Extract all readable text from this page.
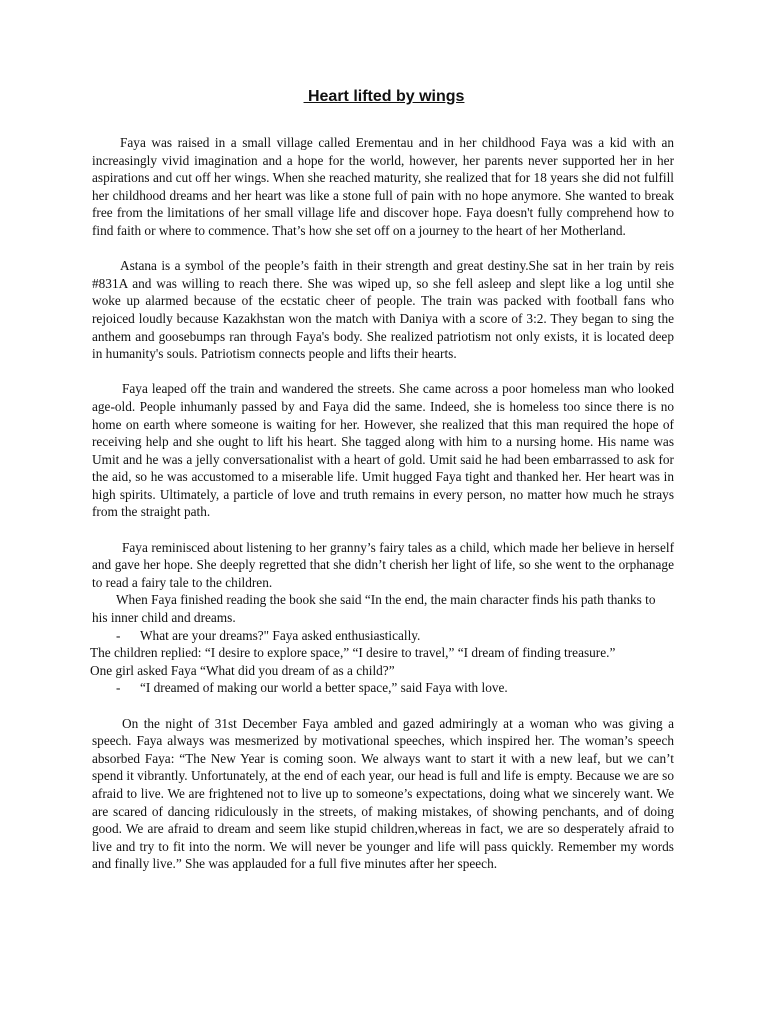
Heart lifted by wings

Faya was raised in a small village called Erementau and in her childhood Faya was a kid with an increasingly vivid imagination and a hope for the world, however, her parents never supported her in her aspirations and cut off her wings. When she reached maturity, she realized that for 18 years she did not fulfill her childhood dreams and her heart was like a stone full of pain with no hope anymore. She wanted to break free from the limitations of her small village life and discover hope. Faya doesn't fully comprehend how to find faith or where to commence. That’s how she set off on a journey to the heart of her Motherland.

Astana is a symbol of the people’s faith in their strength and great destiny.She sat in her train by reis #831A and was willing to reach there. She was wiped up, so she fell asleep and slept like a log until she woke up alarmed because of the ecstatic cheer of people. The train was packed with football fans who rejoiced loudly because Kazakhstan won the match with Daniya with a score of 3:2. They began to sing the anthem and goosebumps ran through Faya's body. She realized patriotism not only exists, it is located deep in humanity's souls. Patriotism connects people and lifts their hearts.

Faya leaped off the train and wandered the streets. She came across a poor homeless man who looked age-old. People inhumanly passed by and Faya did the same. Indeed, she is homeless too since there is no home on earth where someone is waiting for her. However, she realized that this man required the hope of receiving help and she ought to lift his heart. She tagged along with him to a nursing home. His name was Umit and he was a jelly conversationalist with a heart of gold. Umit said he had been embarrassed to ask for the aid, so he was accustomed to a miserable life. Umit hugged Faya tight and thanked her. Her heart was in high spirits. Ultimately, a particle of love and truth remains in every person, no matter how much he strays from the straight path.

Faya reminisced about listening to her granny’s fairy tales as a child, which made her believe in herself and gave her hope. She deeply regretted that she didn’t cherish her light of life, so she went to the orphanage to read a fairy tale to the children.

When Faya finished reading the book she said “In the end, the main character finds his path thanks to his inner child and dreams.

-	What are your dreams?" Faya asked enthusiastically.

The children replied: “I desire to explore space,” “I desire to travel,” “I dream of finding treasure.”

One girl asked Faya “What did you dream of as a child?”

-	“I dreamed of making our world a better space,” said Faya with love.

On the night of 31st December Faya ambled and gazed admiringly at a woman who was giving a speech. Faya always was mesmerized by motivational speeches, which inspired her. The woman’s speech absorbed Faya: “The New Year is coming soon. We always want to start it with a new leaf, but we can’t spend it vibrantly. Unfortunately, at the end of each year, our head is full and life is empty. Because we are so afraid to live. We are frightened not to live up to someone’s expectations, doing what we sincerely want. We are scared of dancing ridiculously in the streets, of making mistakes, of showing penchants, and of doing good. We are afraid to dream and seem like stupid children,whereas in fact, we are so desperately afraid to live and try to fit into the norm. We will never be younger and life will pass quickly. Remember my words and finally live.” She was applauded for a full five minutes after her speech.
